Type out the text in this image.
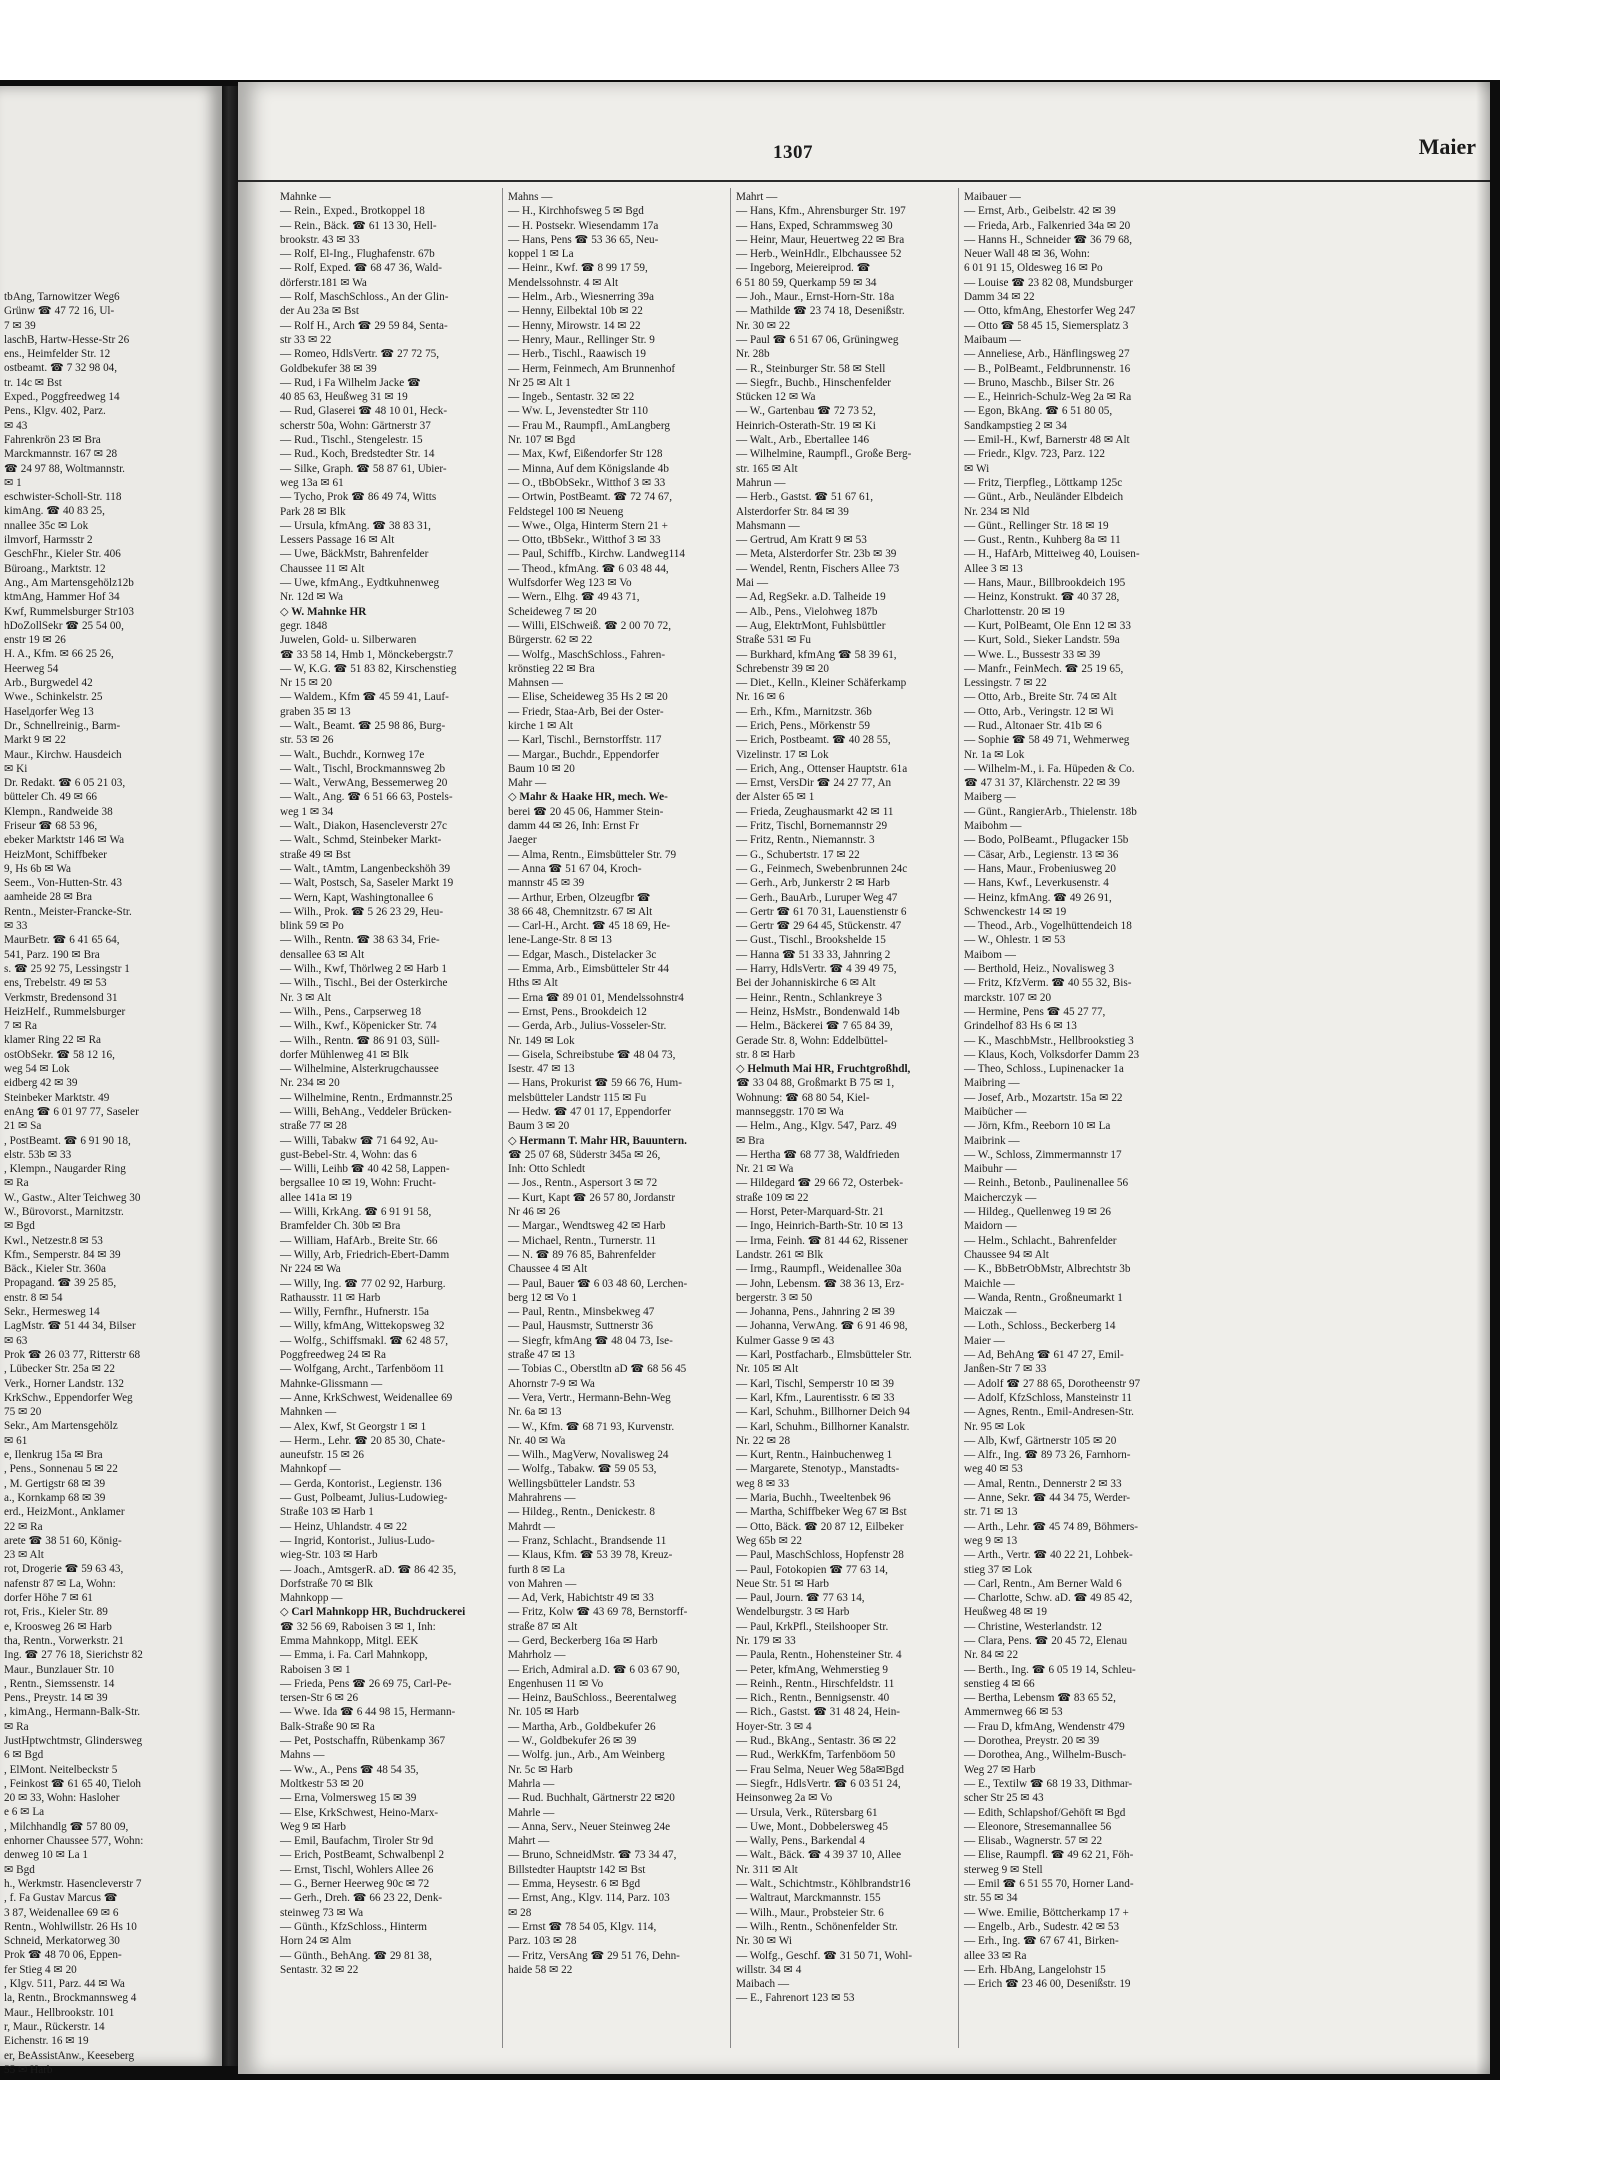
tbAng, Tarnowitzer Weg6
Grünw ☎ 47 72 16, Ul-
7 ✉ 39
laschB, Hartw-Hesse-Str 26
ens., Heimfelder Str. 12
ostbeamt. ☎ 7 32 98 04,
tr. 14c ✉ Bst
Exped., Poggfreedweg 14
Pens., Klgv. 402, Parz.
✉ 43
Fahrenkrön 23 ✉ Bra
Marckmannstr. 167 ✉ 28
☎ 24 97 88, Woltmannstr.
✉ 1
eschwister-Scholl-Str. 118
kimAng. ☎ 40 83 25,
nnallee 35c ✉ Lok
ilmvorf, Harmsstr 2
GeschFhr., Kieler Str. 406
Büroang., Marktstr. 12
Ang., Am Martensgehölz12b
ktmAng, Hammer Hof 34
Kwf, Rummelsburger Str103
hDoZollSekr ☎ 25 54 00,
enstr 19 ✉ 26
H. A., Kfm. ✉ 66 25 26,
Heerweg 54
Arb., Burgwedel 42
Wwe., Schinkelstr. 25
Haselдorfer Weg 13
Dr., Schnellreinig., Barm-
Markt 9 ✉ 22
Maur., Kirchw. Hausdeich
✉ Ki
Dr. Redakt. ☎ 6 05 21 03,
bütteler Ch. 49 ✉ 66
Klempn., Randweide 38
Friseur ☎ 68 53 96,
ebeker Marktstr 146 ✉ Wa
HeizMont, Schiffbeker
9, Hs 6b ✉ Wa
Seem., Von-Hutten-Str. 43
aamheide 28 ✉ Bra
Rentn., Meister-Francke-Str.
✉ 33
MaurBetr. ☎ 6 41 65 64,
541, Parz. 190 ✉ Bra
s. ☎ 25 92 75, Lessingstr 1
ens, Trebelstr. 49 ✉ 53
Verkmstr, Bredensond 31
HeizHelf., Rummelsburger
7 ✉ Ra
klamer Ring 22 ✉ Ra
ostObSekr. ☎ 58 12 16,
weg 54 ✉ Lok
eidberg 42 ✉ 39
Steinbeker Marktstr. 49
enAng ☎ 6 01 97 77, Saseler
21 ✉ Sa
, PostBeamt. ☎ 6 91 90 18,
elstr. 53b ✉ 33
, Klempn., Naugarder Ring
✉ Ra
W., Gastw., Alter Teichweg 30
W., Bürovorst., Marnitzstr.
✉ Bgd
Kwl., Netzestr.8 ✉ 53
Kfm., Semperstr. 84 ✉ 39
Bäck., Kieler Str. 360a
Propagand. ☎ 39 25 85,
enstr. 8 ✉ 54
Sekr., Hermesweg 14
LagMstr. ☎ 51 44 34, Bilser
✉ 63
Prok ☎ 26 03 77, Ritterstr 68
, Lübecker Str. 25a ✉ 22
Verk., Horner Landstr. 132
KrkSchw., Eppendorfer Weg
75 ✉ 20
Sekr., Am Martensgehölz
✉ 61
e, Ilenkrug 15a ✉ Bra
, Pens., Sonnenau 5 ✉ 22
, M. Gertigstr 68 ✉ 39
a., Kornkamp 68 ✉ 39
erd., HeizMont., Anklamer
22 ✉ Ra
arete ☎ 38 51 60, König-
23 ✉ Alt
rot, Drogerie ☎ 59 63 43,
nafenstr 87 ✉ La, Wohn:
dorfer Höhe 7 ✉ 61
rot, Fris., Kieler Str. 89
e, Kroosweg 26 ✉ Harb
tha, Rentn., Vorwerkstr. 21
Ing. ☎ 27 76 18, Sierichstr 82
Maur., Bunzlauer Str. 10
, Rentn., Siemssenstr. 14
Pens., Preystr. 14 ✉ 39
, kimAng., Hermann-Balk-Str.
✉ Ra
JustHptwchtmstr, Glindersweg
6 ✉ Bgd
, ElMont. Neitelbeckstr 5
, Feinkost ☎ 61 65 40, Tieloh
20 ✉ 33, Wohn: Hasloher
e 6 ✉ La
, Milchhandlg ☎ 57 80 09,
enhorner Chaussee 577, Wohn:
denweg 10 ✉ La 1
✉ Bgd
h., Werkmstr. Hasencleverstr 7
, f. Fa Gustav Marcus ☎
3 87, Weidenallee 69 ✉ 6
Rentn., Wohlwillstr. 26 Hs 10
Schneid, Merkatorweg 30
Prok ☎ 48 70 06, Eppen-
fer Stieg 4 ✉ 20
, Klgv. 511, Parz. 44 ✉ Wa
la, Rentn., Brockmannsweg 4
Maur., Hellbrookstr. 101
r, Maur., Rückerstr. 14
Eichenstr. 16 ✉ 19
er, BeAssistAnw., Keeseberg
55 ✉ Harb
1307	Maier
Mahnke —
— Rein., Exped., Brotkoppel 18
— Rein., Bäck. ☎ 61 13 30, Hell-
brookstr. 43 ✉ 33
— Rolf, El-Ing., Flughafenstr. 67b
— Rolf, Exped. ☎ 68 47 36, Wald-
dörferstr.181 ✉ Wa
— Rolf, MaschSchloss., An der Glin-
der Au 23a ✉ Bst
— Rolf H., Arch ☎ 29 59 84, Senta-
str 33 ✉ 22
— Romeo, HdlsVertr. ☎ 27 72 75,
Goldbekufer 38 ✉ 39
— Rud, i Fa Wilhelm Jacke ☎
40 85 63, Heußweg 31 ✉ 19
— Rud, Glaserei ☎ 48 10 01, Heck-
scherstr 50a, Wohn: Gärtnerstr 37
— Rud., Tischl., Stengelestr. 15
— Rud., Koch, Bredstedter Str. 14
— Silke, Graph. ☎ 58 87 61, Ubier-
weg 13a ✉ 61
— Tycho, Prok ☎ 86 49 74, Witts
Park 28 ✉ Blk
— Ursula, kfmAng. ☎ 38 83 31,
Lessers Passage 16 ✉ Alt
— Uwe, BäckMstr, Bahrenfelder
Chaussee 11 ✉ Alt
— Uwe, kfmAng., Eydtkuhnenweg
Nr. 12d ✉ Wa
◇ W. Mahnke HR
gegr. 1848
Juwelen, Gold- u. Silberwaren
☎ 33 58 14, Hmb 1, Mönckebergstr.7
— W, K.G. ☎ 51 83 82, Kirschenstieg
Nr 15 ✉ 20
— Waldem., Kfm ☎ 45 59 41, Lauf-
graben 35 ✉ 13
— Walt., Beamt. ☎ 25 98 86, Burg-
str. 53 ✉ 26
— Walt., Buchdr., Kornweg 17e
— Walt., Tischl, Brockmannsweg 2b
— Walt., VerwAng, Bessemerweg 20
— Walt., Ang. ☎ 6 51 66 63, Postels-
weg 1 ✉ 34
— Walt., Diakon, Hasencleverstr 27c
— Walt., Schmd, Steinbeker Markt-
straße 49 ✉ Bst
— Walt., tAmtm, Langenbeckshöh 39
— Walt, Postsch, Sa, Saseler Markt 19
— Wern, Kapt, Washingtonallee 6
— Wilh., Prok. ☎ 5 26 23 29, Heu-
blink 59 ✉ Po
— Wilh., Rentn. ☎ 38 63 34, Frie-
densallee 63 ✉ Alt
— Wilh., Kwf, Thörlweg 2 ✉ Harb 1
— Wilh., Tischl., Bei der Osterkirche
Nr. 3 ✉ Alt
— Wilh., Pens., Carpserweg 18
— Wilh., Kwf., Köpenicker Str. 74
— Wilh., Rentn. ☎ 86 91 03, Süll-
dorfer Mühlenweg 41 ✉ Blk
— Wilhelmine, Alsterkrugchaussee
Nr. 234 ✉ 20
— Wilhelmine, Rentn., Erdmannstr.25
— Willi, BehAng., Veddeler Brücken-
straße 77 ✉ 28
— Willi, Tabakw ☎ 71 64 92, Au-
gust-Bebel-Str. 4, Wohn: das 6
— Willi, Leihb ☎ 40 42 58, Lappen-
bergsallee 10 ✉ 19, Wohn: Frucht-
allee 141a ✉ 19
— Willi, KrkAng. ☎ 6 91 91 58,
Bramfelder Ch. 30b ✉ Bra
— William, HafArb., Breite Str. 66
— Willy, Arb, Friedrich-Ebert-Damm
Nr 224 ✉ Wa
— Willy, Ing. ☎ 77 02 92, Harburg.
Rathausstr. 11 ✉ Harb
— Willy, Fernfhr., Hufnerstr. 15a
— Willy, kfmAng, Wittekopsweg 32
— Wolfg., Schiffsmakl. ☎ 62 48 57,
Poggfreedweg 24 ✉ Ra
— Wolfgang, Archt., Tarfenböom 11
Mahnke-Glissmann —
— Anne, KrkSchwest, Weidenallee 69
Mahnken —
— Alex, Kwf, St Georgstr 1 ✉ 1
— Herm., Lehr. ☎ 20 85 30, Chate-
auneufstr. 15 ✉ 26
Mahnkopf —
— Gerda, Kontorist., Legienstr. 136
— Gust, Polbeamt, Julius-Ludowieg-
Straße 103 ✉ Harb 1
— Heinz, Uhlandstr. 4 ✉ 22
— Ingrid, Kontorist., Julius-Ludo-
wieg-Str. 103 ✉ Harb
— Joach., AmtsgerR. aD. ☎ 86 42 35,
Dorfstraße 70 ✉ Blk
Mahnkopp —
◇ Carl Mahnkopp HR, Buchdruckerei
☎ 32 56 69, Raboisen 3 ✉ 1, Inh:
Emma Mahnkopp, Mitgl. EEK
— Emma, i. Fa. Carl Mahnkopp,
Raboisen 3 ✉ 1
— Frieda, Pens ☎ 26 69 75, Carl-Pe-
tersen-Str 6 ✉ 26
— Wwe. Ida ☎ 6 44 98 15, Hermann-
Balk-Straße 90 ✉ Ra
— Pet, Postschaffn, Rübenkamp 367
Mahns —
— Ww., A., Pens ☎ 48 54 35,
Moltkestr 53 ✉ 20
— Erna, Volmersweg 15 ✉ 39
— Else, KrkSchwest, Heino-Marx-
Weg 9 ✉ Harb
— Emil, Baufachm, Tiroler Str 9d
— Erich, PostBeamt, Schwalbenpl 2
— Ernst, Tischl, Wohlers Allee 26
— G., Berner Heerweg 90c ✉ 72
— Gerh., Dreh. ☎ 66 23 22, Denk-
steinweg 73 ✉ Wa
— Günth., KfzSchloss., Hinterm
Horn 24 ✉ Alm
— Günth., BehAng. ☎ 29 81 38,
Sentastr. 32 ✉ 22
Mahns —
— H., Kirchhofsweg 5 ✉ Bgd
— H. Postsekr. Wiesendamm 17a
— Hans, Pens ☎ 53 36 65, Neu-
koppel 1 ✉ La
— Heinr., Kwf. ☎ 8 99 17 59,
Mendelssohnstr. 4 ✉ Alt
— Helm., Arb., Wiesnerring 39a
— Henny, Eilbektal 10b ✉ 22
— Henny, Mirowstr. 14 ✉ 22
— Henry, Maur., Rellinger Str. 9
— Herb., Tischl., Raawisch 19
— Herm, Feinmech, Am Brunnenhof
Nr 25 ✉ Alt 1
— Ingeb., Sentastr. 32 ✉ 22
— Ww. L, Jevenstedter Str 110
— Frau M., Raumpfl., AmLangberg
Nr. 107 ✉ Bgd
— Max, Kwf, Eißendorfer Str 128
— Minna, Auf dem Königslande 4b
— O., tBbObSekr., Witthof 3 ✉ 33
— Ortwin, PostBeamt. ☎ 72 74 67,
Feldstegel 100 ✉ Neueng
— Wwe., Olga, Hinterm Stern 21 +
— Otto, tBbSekr., Witthof 3 ✉ 33
— Paul, Schiffb., Kirchw. Landweg114
— Theod., kfmAng. ☎ 6 03 48 44,
Wulfsdorfer Weg 123 ✉ Vo
— Wern., Elhg. ☎ 49 43 71,
Scheideweg 7 ✉ 20
— Willi, ElSchweiß. ☎ 2 00 70 72,
Bürgerstr. 62 ✉ 22
— Wolfg., MaschSchloss., Fahren-
krönstieg 22 ✉ Bra
Mahnsen —
— Elise, Scheideweg 35 Hs 2 ✉ 20
— Friedr, Staa-Arb, Bei der Oster-
kirche 1 ✉ Alt
— Karl, Tischl., Bernstorffstr. 117
— Margar., Buchdr., Eppendorfer
Baum 10 ✉ 20
Mahr —
◇ Mahr & Haake HR, mech. We-
berei ☎ 20 45 06, Hammer Stein-
damm 44 ✉ 26, Inh: Ernst Fr
Jaeger
— Alma, Rentn., Eimsbütteler Str. 79
— Anna ☎ 51 67 04, Kroch-
mannstr 45 ✉ 39
— Arthur, Erben, Olzeugfbr ☎
38 66 48, Chemnitzstr. 67 ✉ Alt
— Carl-H., Archt. ☎ 45 18 69, He-
lene-Lange-Str. 8 ✉ 13
— Edgar, Masch., Distelacker 3c
— Emma, Arb., Eimsbütteler Str 44
Hths ✉ Alt
— Erna ☎ 89 01 01, Mendelssohnstr4
— Ernst, Pens., Brookdeich 12
— Gerda, Arb., Julius-Vosseler-Str.
Nr. 149 ✉ Lok
— Gisela, Schreibstube ☎ 48 04 73,
Isestr. 47 ✉ 13
— Hans, Prokurist ☎ 59 66 76, Hum-
melsbütteler Landstr 115 ✉ Fu
— Hedw. ☎ 47 01 17, Eppendorfer
Baum 3 ✉ 20
◇ Hermann T. Mahr HR, Bauuntern.
☎ 25 07 68, Süderstr 345a ✉ 26,
Inh: Otto Schledt
— Jos., Rentn., Aspersort 3 ✉ 72
— Kurt, Kapt ☎ 26 57 80, Jordanstr
Nr 46 ✉ 26
— Margar., Wendtsweg 42 ✉ Harb
— Michael, Rentn., Turnerstr. 11
— N. ☎ 89 76 85, Bahrenfelder
Chaussee 4 ✉ Alt
— Paul, Bauer ☎ 6 03 48 60, Lerchen-
berg 12 ✉ Vo 1
— Paul, Rentn., Minsbekweg 47
— Paul, Hausmstr, Suttnerstr 36
— Siegfr, kfmAng ☎ 48 04 73, Ise-
straße 47 ✉ 13
— Tobias C., Oberstltn aD ☎ 68 56 45
Ahornstr 7-9 ✉ Wa
— Vera, Vertr., Hermann-Behn-Weg
Nr. 6a ✉ 13
— W., Kfm. ☎ 68 71 93, Kurvenstr.
Nr. 40 ✉ Wa
— Wilh., MagVerw, Novalisweg 24
— Wolfg., Tabakw. ☎ 59 05 53,
Wellingsbütteler Landstr. 53
Mahrahrens —
— Hildeg., Rentn., Denickestr. 8
Mahrdt —
— Franz, Schlacht., Brandsende 11
— Klaus, Kfm. ☎ 53 39 78, Kreuz-
furth 8 ✉ La
von Mahren —
— Ad, Verk, Habichtstr 49 ✉ 33
— Fritz, Kolw ☎ 43 69 78, Bernstorff-
straße 87 ✉ Alt
— Gerd, Beckerberg 16a ✉ Harb
Mahrholz —
— Erich, Admiral a.D. ☎ 6 03 67 90,
Engenhusen 11 ✉ Vo
— Heinz, BauSchloss., Beerentalweg
Nr. 105 ✉ Harb
— Martha, Arb., Goldbekufer 26
— W., Goldbekufer 26 ✉ 39
— Wolfg. jun., Arb., Am Weinberg
Nr. 5c ✉ Harb
Mahrla —
— Rud. Buchhalt, Gärtnerstr 22 ✉20
Mahrle —
— Anna, Serv., Neuer Steinweg 24e
Mahrt —
— Bruno, SchneidMstr. ☎ 73 34 47,
Billstedter Hauptstr 142 ✉ Bst
— Emma, Heysestr. 6 ✉ Bgd
— Ernst, Ang., Klgv. 114, Parz. 103
✉ 28
— Ernst ☎ 78 54 05, Klgv. 114,
Parz. 103 ✉ 28
— Fritz, VersAng ☎ 29 51 76, Dehn-
haide 58 ✉ 22
Mahrt —
— Hans, Kfm., Ahrensburger Str. 197
— Hans, Exped, Schrammsweg 30
— Heinr, Maur, Heuertweg 22 ✉ Bra
— Herb., WeinHdlr., Elbchaussee 52
— Ingeborg, Meiereiprod. ☎
6 51 80 59, Querkamp 59 ✉ 34
— Joh., Maur., Ernst-Horn-Str. 18a
— Mathilde ☎ 23 74 18, Desenißstr.
Nr. 30 ✉ 22
— Paul ☎ 6 51 67 06, Grüningweg
Nr. 28b
— R., Steinburger Str. 58 ✉ Stell
— Siegfr., Buchb., Hinschenfelder
Stücken 12 ✉ Wa
— W., Gartenbau ☎ 72 73 52,
Heinrich-Osterath-Str. 19 ✉ Ki
— Walt., Arb., Ebertallee 146
— Wilhelmine, Raumpfl., Große Berg-
str. 165 ✉ Alt
Mahrun —
— Herb., Gastst. ☎ 51 67 61,
Alsterdorfer Str. 84 ✉ 39
Mahsmann —
— Gertrud, Am Kratt 9 ✉ 53
— Meta, Alsterdorfer Str. 23b ✉ 39
— Wendel, Rentn, Fischers Allee 73
Mai —
— Ad, RegSekr. a.D. Talheide 19
— Alb., Pens., Vielohweg 187b
— Aug, ElektrMont, Fuhlsbüttler
Straße 531 ✉ Fu
— Burkhard, kfmAng ☎ 58 39 61,
Schrebenstr 39 ✉ 20
— Diet., Kelln., Kleiner Schäferkamp
Nr. 16 ✉ 6
— Erh., Kfm., Marnitzstr. 36b
— Erich, Pens., Mörkenstr 59
— Erich, Postbeamt. ☎ 40 28 55,
Vizelinstr. 17 ✉ Lok
— Erich, Ang., Ottenser Hauptstr. 61a
— Ernst, VersDir ☎ 24 27 77, An
der Alster 65 ✉ 1
— Frieda, Zeughausmarkt 42 ✉ 11
— Fritz, Tischl, Bornemannstr 29
— Fritz, Rentn., Niemannstr. 3
— G., Schubertstr. 17 ✉ 22
— G., Feinmech, Swebenbrunnen 24c
— Gerh., Arb, Junkerstr 2 ✉ Harb
— Gerh., BauArb., Luruper Weg 47
— Gertr ☎ 61 70 31, Lauenstienstr 6
— Gertr ☎ 29 64 45, Stückenstr. 47
— Gust., Tischl., Brookshelde 15
— Hanna ☎ 51 33 33, Jahnring 2
— Harry, HdlsVertr. ☎ 4 39 49 75,
Bei der Johanniskirche 6 ✉ Alt
— Heinr., Rentn., Schlankreye 3
— Heinz, HsMstr., Bondenwald 14b
— Helm., Bäckerei ☎ 7 65 84 39,
Gerade Str. 8, Wohn: Eddelbüttel-
str. 8 ✉ Harb
◇ Helmuth Mai HR, Fruchtgroßhdl,
☎ 33 04 88, Großmarkt B 75 ✉ 1,
Wohnung: ☎ 68 80 54, Kiel-
mannseggstr. 170 ✉ Wa
— Helm., Ang., Klgv. 547, Parz. 49
✉ Bra
— Hertha ☎ 68 77 38, Waldfrieden
Nr. 21 ✉ Wa
— Hildegard ☎ 29 66 72, Osterbek-
straße 109 ✉ 22
— Horst, Peter-Marquard-Str. 21
— Ingo, Heinrich-Barth-Str. 10 ✉ 13
— Irma, Feinh. ☎ 81 44 62, Rissener
Landstr. 261 ✉ Blk
— Irmg., Raumpfl., Weidenallee 30a
— John, Lebensm. ☎ 38 36 13, Erz-
bergerstr. 3 ✉ 50
— Johanna, Pens., Jahnring 2 ✉ 39
— Johanna, VerwAng. ☎ 6 91 46 98,
Kulmer Gasse 9 ✉ 43
— Karl, Postfacharb., Elmsbütteler Str.
Nr. 105 ✉ Alt
— Karl, Tischl, Semperstr 10 ✉ 39
— Karl, Kfm., Laurentisstr. 6 ✉ 33
— Karl, Schuhm., Billhorner Deich 94
— Karl, Schuhm., Billhorner Kanalstr.
Nr. 22 ✉ 28
— Kurt, Rentn., Hainbuchenweg 1
— Margarete, Stenotyp., Manstadts-
weg 8 ✉ 33
— Maria, Buchh., Tweeltenbek 96
— Martha, Schiffbeker Weg 67 ✉ Bst
— Otto, Bäck. ☎ 20 87 12, Eilbeker
Weg 65b ✉ 22
— Paul, MaschSchloss, Hopfenstr 28
— Paul, Fotokopien ☎ 77 63 14,
Neue Str. 51 ✉ Harb
— Paul, Journ. ☎ 77 63 14,
Wendelburgstr. 3 ✉ Harb
— Paul, KrkPfl., Steilshooper Str.
Nr. 179 ✉ 33
— Paula, Rentn., Hohensteiner Str. 4
— Peter, kfmAng, Wehmerstieg 9
— Reinh., Rentn., Hirschfeldstr. 11
— Rich., Rentn., Bennigsenstr. 40
— Rich., Gastst. ☎ 31 48 24, Hein-
Hoyer-Str. 3 ✉ 4
— Rud., BkAng., Sentastr. 36 ✉ 22
— Rud., WerkKfm, Tarfenböom 50
— Frau Selma, Neuer Weg 58a✉Bgd
— Siegfr., HdlsVertr. ☎ 6 03 51 24,
Heinsonweg 2a ✉ Vo
— Ursula, Verk., Rütersbarg 61
— Uwe, Mont., Dobbelersweg 45
— Wally, Pens., Barkendal 4
— Walt., Bäck. ☎ 4 39 37 10, Allee
Nr. 311 ✉ Alt
— Walt., Schichtmstr., Köhlbrandstr16
— Waltraut, Marckmannstr. 155
— Wilh., Maur., Probsteier Str. 6
— Wilh., Rentn., Schönenfelder Str.
Nr. 30 ✉ Wi
— Wolfg., Geschf. ☎ 31 50 71, Wohl-
willstr. 34 ✉ 4
Maibach —
— E., Fahrenort 123 ✉ 53
Maibauer —
— Ernst, Arb., Geibelstr. 42 ✉ 39
— Frieda, Arb., Falkenried 34a ✉ 20
— Hanns H., Schneider ☎ 36 79 68,
Neuer Wall 48 ✉ 36, Wohn:
6 01 91 15, Oldesweg 16 ✉ Po
— Louise ☎ 23 82 08, Mundsburger
Damm 34 ✉ 22
— Otto, kfmAng, Ehestorfer Weg 247
— Otto ☎ 58 45 15, Siemersplatz 3
Maibaum —
— Anneliese, Arb., Hänflingsweg 27
— B., PolBeamt., Feldbrunnenstr. 16
— Bruno, Maschb., Bilser Str. 26
— E., Heinrich-Schulz-Weg 2a ✉ Ra
— Egon, BkAng. ☎ 6 51 80 05,
Sandkampstieg 2 ✉ 34
— Emil-H., Kwf, Barnerstr 48 ✉ Alt
— Friedr., Klgv. 723, Parz. 122
✉ Wi
— Fritz, Tierpfleg., Löttkamp 125c
— Günt., Arb., Neuländer Elbdeich
Nr. 234 ✉ Nld
— Günt., Rellinger Str. 18 ✉ 19
— Gust., Rentn., Kuhberg 8a ✉ 11
— H., HafArb, Mitteiweg 40, Louisen-
Allee 3 ✉ 13
— Hans, Maur., Billbrookdeich 195
— Heinz, Konstrukt. ☎ 40 37 28,
Charlottenstr. 20 ✉ 19
— Kurt, PolBeamt, Ole Enn 12 ✉ 33
— Kurt, Sold., Sieker Landstr. 59a
— Wwe. L., Bussestr 33 ✉ 39
— Manfr., FeinMech. ☎ 25 19 65,
Lessingstr. 7 ✉ 22
— Otto, Arb., Breite Str. 74 ✉ Alt
— Otto, Arb., Veringstr. 12 ✉ Wi
— Rud., Altonaer Str. 41b ✉ 6
— Sophie ☎ 58 49 71, Wehmerweg
Nr. 1a ✉ Lok
— Wilhelm-M., i. Fa. Hüpeden & Co.
☎ 47 31 37, Klärchenstr. 22 ✉ 39
Maiberg —
— Günt., RangierArb., Thielenstr. 18b
Maibohm —
— Bodo, PolBeamt., Pflugacker 15b
— Cäsar, Arb., Legienstr. 13 ✉ 36
— Hans, Maur., Frobeniusweg 20
— Hans, Kwf., Leverkusenstr. 4
— Heinz, kfmAng. ☎ 49 26 91,
Schwenckestr 14 ✉ 19
— Theod., Arb., Vogelhüttendeich 18
— W., Ohlestr. 1 ✉ 53
Maibom —
— Berthold, Heiz., Novalisweg 3
— Fritz, KfzVerm. ☎ 40 55 32, Bis-
marckstr. 107 ✉ 20
— Hermine, Pens ☎ 45 27 77,
Grindelhof 83 Hs 6 ✉ 13
— K., MaschbMstr., Hellbrookstieg 3
— Klaus, Koch, Volksdorfer Damm 23
— Theo, Schloss., Lupinenacker 1a
Maibring —
— Josef, Arb., Mozartstr. 15a ✉ 22
Maibücher —
— Jörn, Kfm., Reeborn 10 ✉ La
Maibrink —
— W., Schloss, Zimmermannstr 17
Maibuhr —
— Reinh., Betonb., Paulinenallee 56
Maicherczyk —
— Hildeg., Quellenweg 19 ✉ 26
Maidorn —
— Helm., Schlacht., Bahrenfelder
Chaussee 94 ✉ Alt
— K., BbBetrObMstr, Albrechtstr 3b
Maichle —
— Wanda, Rentn., Großneumarkt 1
Maiczak —
— Loth., Schloss., Beckerberg 14
Maier —
— Ad, BehAng ☎ 61 47 27, Emil-
Janßen-Str 7 ✉ 33
— Adolf ☎ 27 88 65, Dorotheenstr 97
— Adolf, KfzSchloss, Mansteinstr 11
— Agnes, Rentn., Emil-Andresen-Str.
Nr. 95 ✉ Lok
— Alb, Kwf, Gärtnerstr 105 ✉ 20
— Alfr., Ing. ☎ 89 73 26, Farnhorn-
weg 40 ✉ 53
— Amal, Rentn., Dennerstr 2 ✉ 33
— Anne, Sekr. ☎ 44 34 75, Werder-
str. 71 ✉ 13
— Arth., Lehr. ☎ 45 74 89, Böhmers-
weg 9 ✉ 13
— Arth., Vertr. ☎ 40 22 21, Lohbek-
stieg 37 ✉ Lok
— Carl, Rentn., Am Berner Wald 6
— Charlotte, Schw. aD. ☎ 49 85 42,
Heußweg 48 ✉ 19
— Christine, Westerlandstr. 12
— Clara, Pens. ☎ 20 45 72, Elenau
Nr. 84 ✉ 22
— Berth., Ing. ☎ 6 05 19 14, Schleu-
senstieg 4 ✉ 66
— Bertha, Lebensm ☎ 83 65 52,
Ammernweg 66 ✉ 53
— Frau D, kfmAng, Wendenstr 479
— Dorothea, Preystr. 20 ✉ 39
— Dorothea, Ang., Wilhelm-Busch-
Weg 27 ✉ Harb
— E., Textilw ☎ 68 19 33, Dithmar-
scher Str 25 ✉ 43
— Edith, Schlapshof/Gehöft ✉ Bgd
— Eleonore, Stresemannallee 56
— Elisab., Wagnerstr. 57 ✉ 22
— Elise, Raumpfl. ☎ 49 62 21, Föh-
sterweg 9 ✉ Stell
— Emil ☎ 6 51 55 70, Horner Land-
str. 55 ✉ 34
— Wwe. Emilie, Böttcherkamp 17 +
— Engelb., Arb., Sudestr. 42 ✉ 53
— Erh., Ing. ☎ 67 67 41, Birken-
allee 33 ✉ Ra
— Erh. HbAng, Langelohstr 15
— Erich ☎ 23 46 00, Desenißstr. 19
